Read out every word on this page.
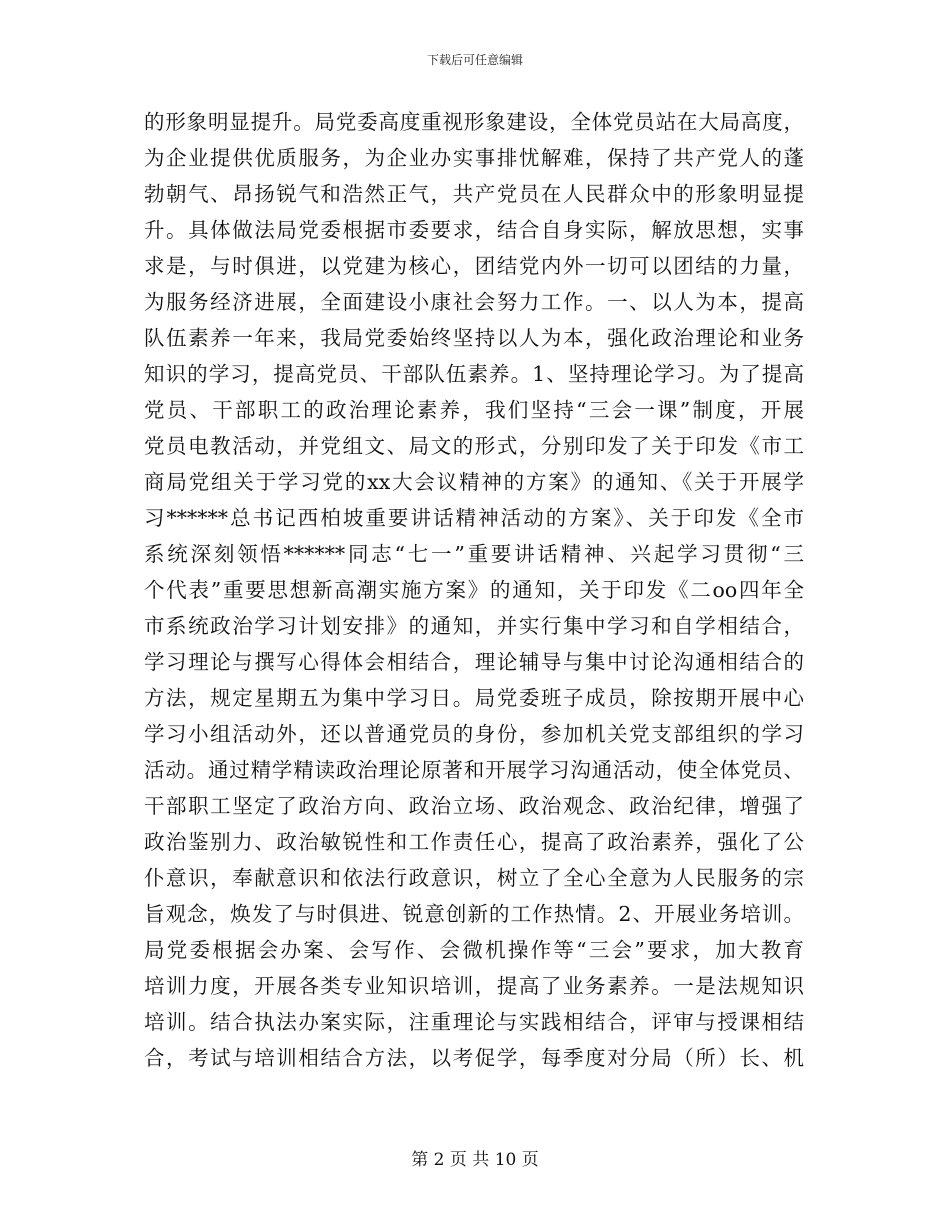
下载后可任意编辑
的形象明显提升。局党委高度重视形象建设，全体党员站在大局高度，
为企业提供优质服务，为企业办实事排忧解难，保持了共产党人的蓬
勃朝气、昂扬锐气和浩然正气，共产党员在人民群众中的形象明显提
升。具体做法局党委根据市委要求，结合自身实际，解放思想，实事
求是，与时俱进，以党建为核心，团结党内外一切可以团结的力量，
为服务经济进展，全面建设小康社会努力工作。一、以人为本，提高
队伍素养一年来，我局党委始终坚持以人为本，强化政治理论和业务
知识的学习，提高党员、干部队伍素养。1、坚持理论学习。为了提高
党员、干部职工的政治理论素养，我们坚持“三会一课”制度，开展
党员电教活动，并党组文、局文的形式，分别印发了关于印发《市工
商局党组关于学习党的xx大会议精神的方案》的通知、《关于开展学
习******总书记西柏坡重要讲话精神活动的方案》、关于印发《全市
系统深刻领悟******同志“七一”重要讲话精神、兴起学习贯彻“三
个代表”重要思想新高潮实施方案》的通知，关于印发《二oo四年全
市系统政治学习计划安排》的通知，并实行集中学习和自学相结合，
学习理论与撰写心得体会相结合，理论辅导与集中讨论沟通相结合的
方法，规定星期五为集中学习日。局党委班子成员，除按期开展中心
学习小组活动外，还以普通党员的身份，参加机关党支部组织的学习
活动。通过精学精读政治理论原著和开展学习沟通活动，使全体党员、
干部职工坚定了政治方向、政治立场、政治观念、政治纪律，增强了
政治鉴别力、政治敏锐性和工作责任心，提高了政治素养，强化了公
仆意识，奉献意识和依法行政意识，树立了全心全意为人民服务的宗
旨观念，焕发了与时俱进、锐意创新的工作热情。2、开展业务培训。
局党委根据会办案、会写作、会微机操作等“三会”要求，加大教育
培训力度，开展各类专业知识培训，提高了业务素养。一是法规知识
培训。结合执法办案实际，注重理论与实践相结合，评审与授课相结
合，考试与培训相结合方法，以考促学，每季度对分局（所）长、机
第 2 页 共 10 页
